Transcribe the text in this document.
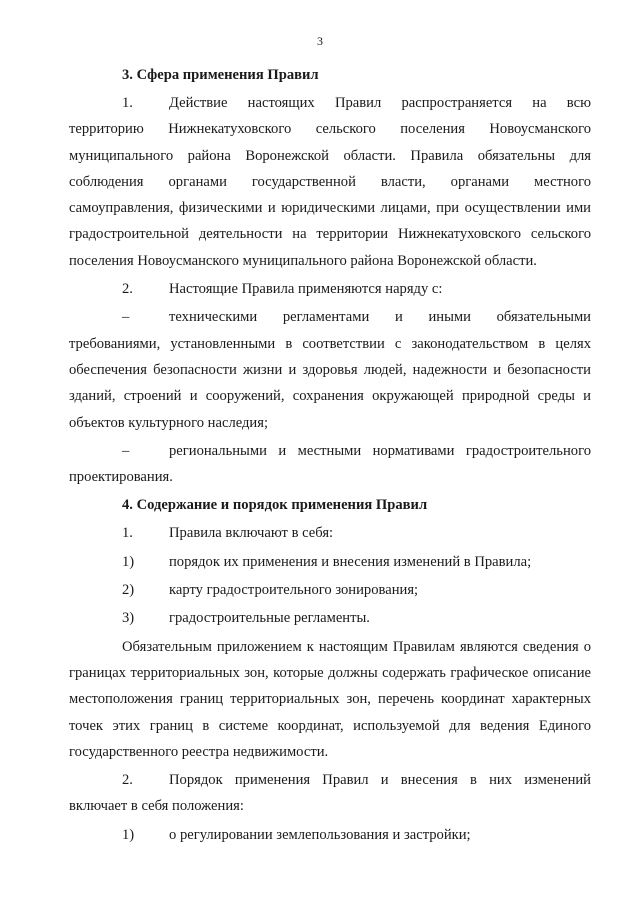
3

3. Сфера применения Правил

1.	Действие настоящих Правил распространяется на всю

территорию Нижнекатуховского сельского поселения Новоусманского муниципального района Воронежской области. Правила обязательны для соблюдения органами государственной власти, органами местного самоуправления, физическими и юридическими лицами, при осуществлении ими градостроительной деятельности на территории Нижнекатуховского сельского поселения Новоусманского муниципального района Воронежской области.

2.	Настоящие Правила применяются наряду с:
–	техническими регламентами и иными обязательными

требованиями, установленными в соответствии с законодательством в целях обеспечения безопасности жизни и здоровья людей, надежности и безопасности зданий, строений и сооружений, сохранения окружающей природной среды и объектов культурного наследия;

–	региональными и местными нормативами градостроительного

проектирования.

4. Содержание и порядок применения Правил

1.	Правила включают в себя:
1)	порядок их применения и внесения изменений в Правила;
2)	карту градостроительного зонирования;
3)	градостроительные регламенты.

Обязательным приложением к настоящим Правилам являются сведения о границах территориальных зон, которые должны содержать графическое описание местоположения границ территориальных зон, перечень координат характерных точек этих границ в системе координат, используемой для ведения Единого государственного реестра недвижимости.

2.	Порядок применения Правил и внесения в них изменений

включает в себя положения:

1)	о регулировании землепользования и застройки;
